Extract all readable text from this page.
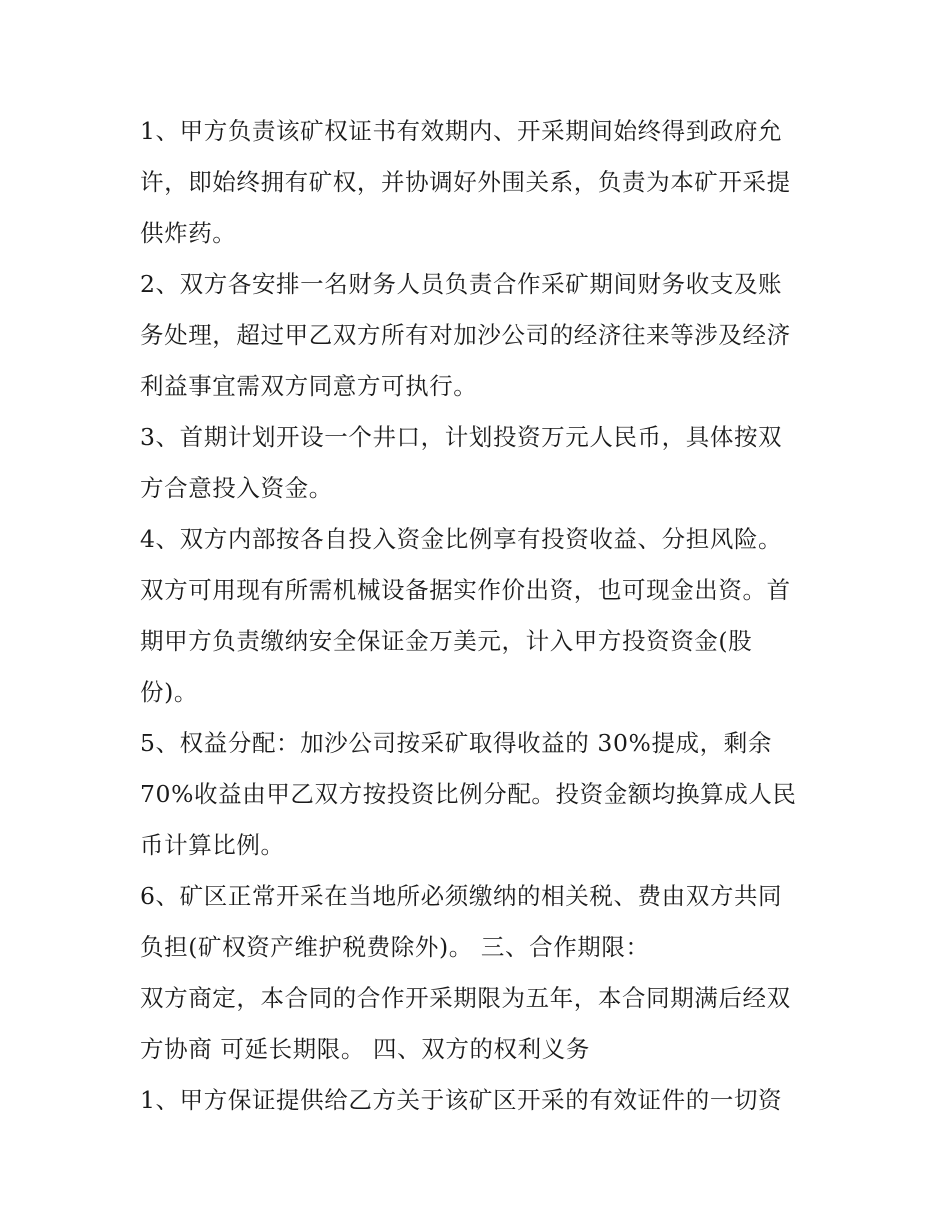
1、甲方负责该矿权证书有效期内、开采期间始终得到政府允
许，即始终拥有矿权，并协调好外围关系，负责为本矿开采提
供炸药。
2、双方各安排一名财务人员负责合作采矿期间财务收支及账
务处理，超过甲乙双方所有对加沙公司的经济往来等涉及经济
利益事宜需双方同意方可执行。
3、首期计划开设一个井口，计划投资万元人民币，具体按双
方合意投入资金。
4、双方内部按各自投入资金比例享有投资收益、分担风险。
双方可用现有所需机械设备据实作价出资，也可现金出资。首
期甲方负责缴纳安全保证金万美元，计入甲方投资资金(股
份)。
5、权益分配：加沙公司按采矿取得收益的 30%提成，剩余
70%收益由甲乙双方按投资比例分配。投资金额均换算成人民
币计算比例。
6、矿区正常开采在当地所必须缴纳的相关税、费由双方共同
负担(矿权资产维护税费除外)。 三、合作期限：
双方商定，本合同的合作开采期限为五年，本合同期满后经双
方协商 可延长期限。 四、双方的权利义务
1、甲方保证提供给乙方关于该矿区开采的有效证件的一切资
